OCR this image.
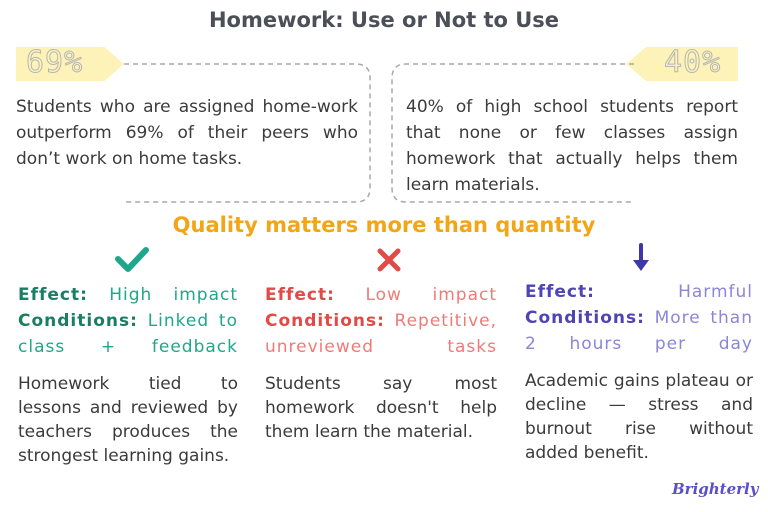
Homework: Use or Not to Use
69%
Students who are assigned home-work outperform 69% of their peers who don’t work on home tasks.
40%
40% of high school students report that none or few classes assign homework that actually helps them learn materials.
Quality matters more than quantity
Effect: High impact
Conditions: Linked to
class + feedback
Homework tied to lessons and reviewed by teachers produces the strongest learning gains.
Effect: Low impact
Conditions: Repetitive,
unreviewed tasks
Students say most homework doesn't help them learn the material.
Effect:	Harmful
Conditions: More than
2 hours per day
Academic gains plateau or decline — stress and burnout rise without added benefit.
Brighterly
